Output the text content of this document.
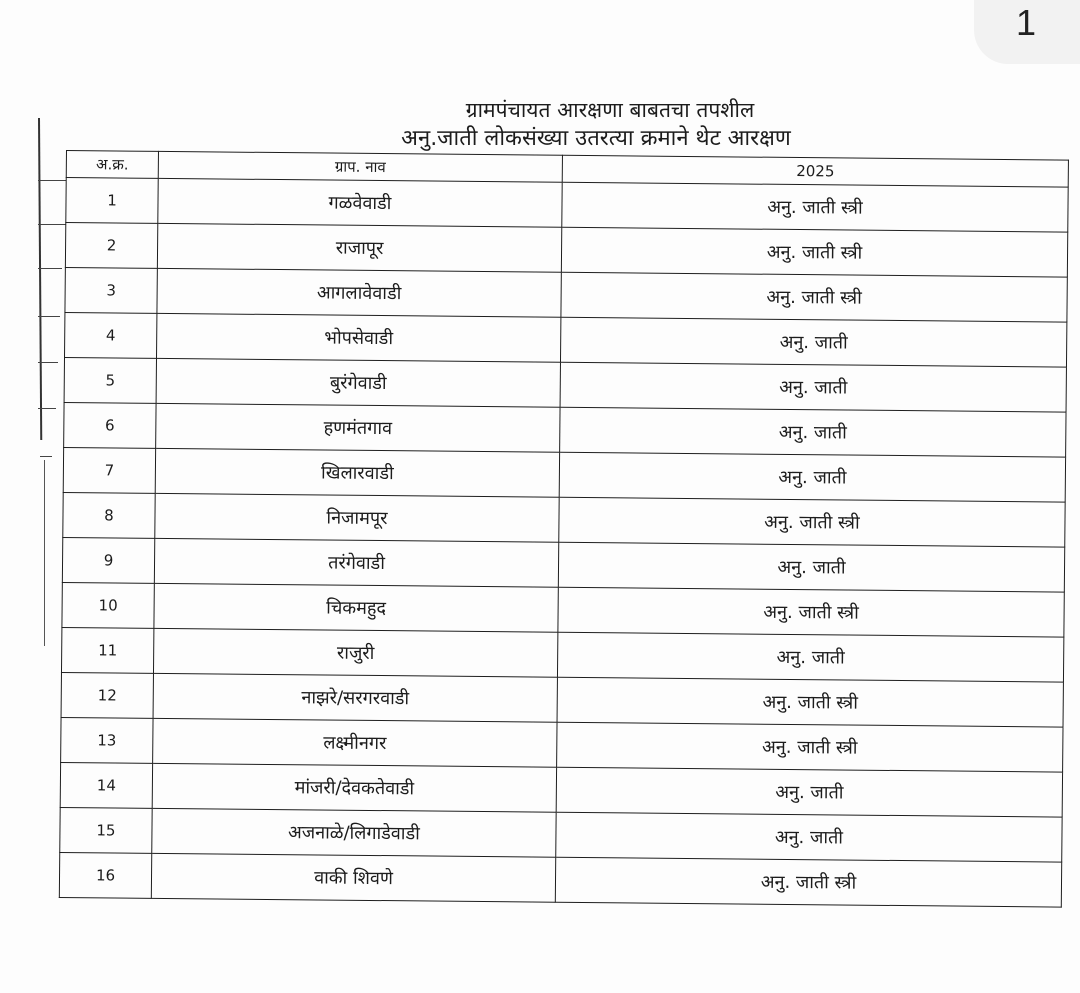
1
ग्रामपंचायत आरक्षणा बाबतचा तपशील
अनु.जाती लोकसंख्या उतरत्या क्रमाने थेट आरक्षण
अ.क्र.	ग्राप. नाव	2025
1	गळवेवाडी	अनु. जाती स्त्री
2	राजापूर	अनु. जाती स्त्री
3	आगलावेवाडी	अनु. जाती स्त्री
4	भोपसेवाडी	अनु. जाती
5	बुरंगेवाडी	अनु. जाती
6	हणमंतगाव	अनु. जाती
7	खिलारवाडी	अनु. जाती
8	निजामपूर	अनु. जाती स्त्री
9	तरंगेवाडी	अनु. जाती
10	चिकमहुद	अनु. जाती स्त्री
11	राजुरी	अनु. जाती
12	नाझरे/सरगरवाडी	अनु. जाती स्त्री
13	लक्ष्मीनगर	अनु. जाती स्त्री
14	मांजरी/देवकतेवाडी	अनु. जाती
15	अजनाळे/लिगाडेवाडी	अनु. जाती
16	वाकी शिवणे	अनु. जाती स्त्री
